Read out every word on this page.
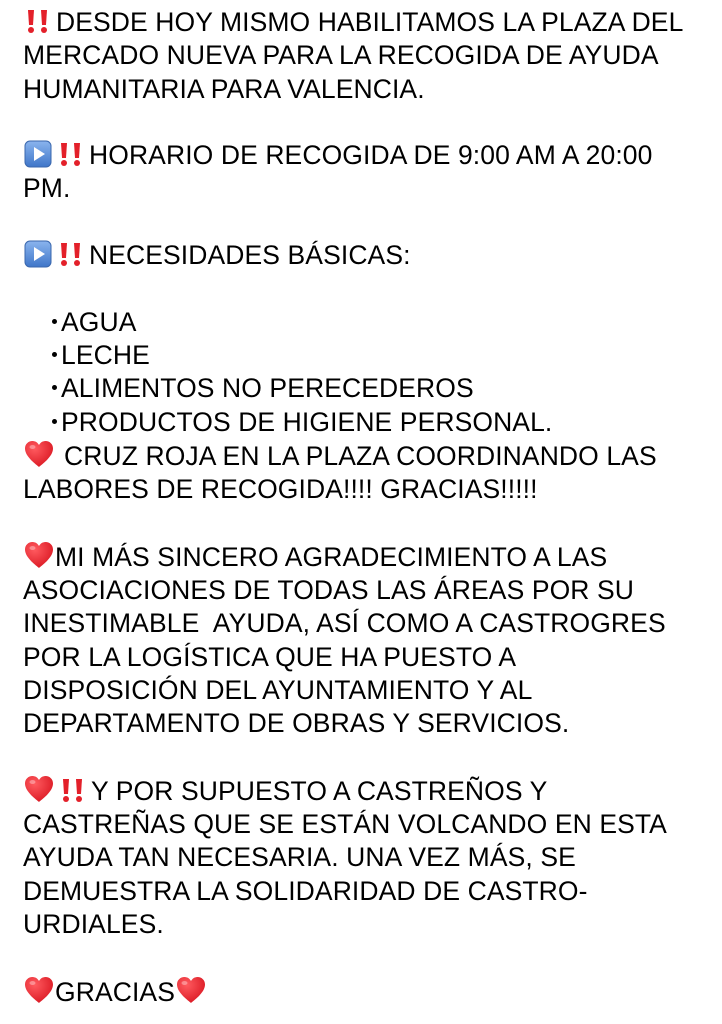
DESDE HOY MISMO HABILITAMOS LA PLAZA DEL
MERCADO NUEVA PARA LA RECOGIDA DE AYUDA
HUMANITARIA PARA VALENCIA.
HORARIO DE RECOGIDA DE 9:00 AM A 20:00
PM.
NECESIDADES BÁSICAS:
AGUA
LECHE
ALIMENTOS NO PERECEDEROS
PRODUCTOS DE HIGIENE PERSONAL.
CRUZ ROJA EN LA PLAZA COORDINANDO LAS
LABORES DE RECOGIDA!!!! GRACIAS!!!!!
MI MÁS SINCERO AGRADECIMIENTO A LAS
ASOCIACIONES DE TODAS LAS ÁREAS POR SU
INESTIMABLE  AYUDA, ASÍ COMO A CASTROGRES
POR LA LOGÍSTICA QUE HA PUESTO A
DISPOSICIÓN DEL AYUNTAMIENTO Y AL
DEPARTAMENTO DE OBRAS Y SERVICIOS.
Y POR SUPUESTO A CASTREÑOS Y
CASTREÑAS QUE SE ESTÁN VOLCANDO EN ESTA
AYUDA TAN NECESARIA. UNA VEZ MÁS, SE
DEMUESTRA LA SOLIDARIDAD DE CASTRO-
URDIALES.
GRACIAS
